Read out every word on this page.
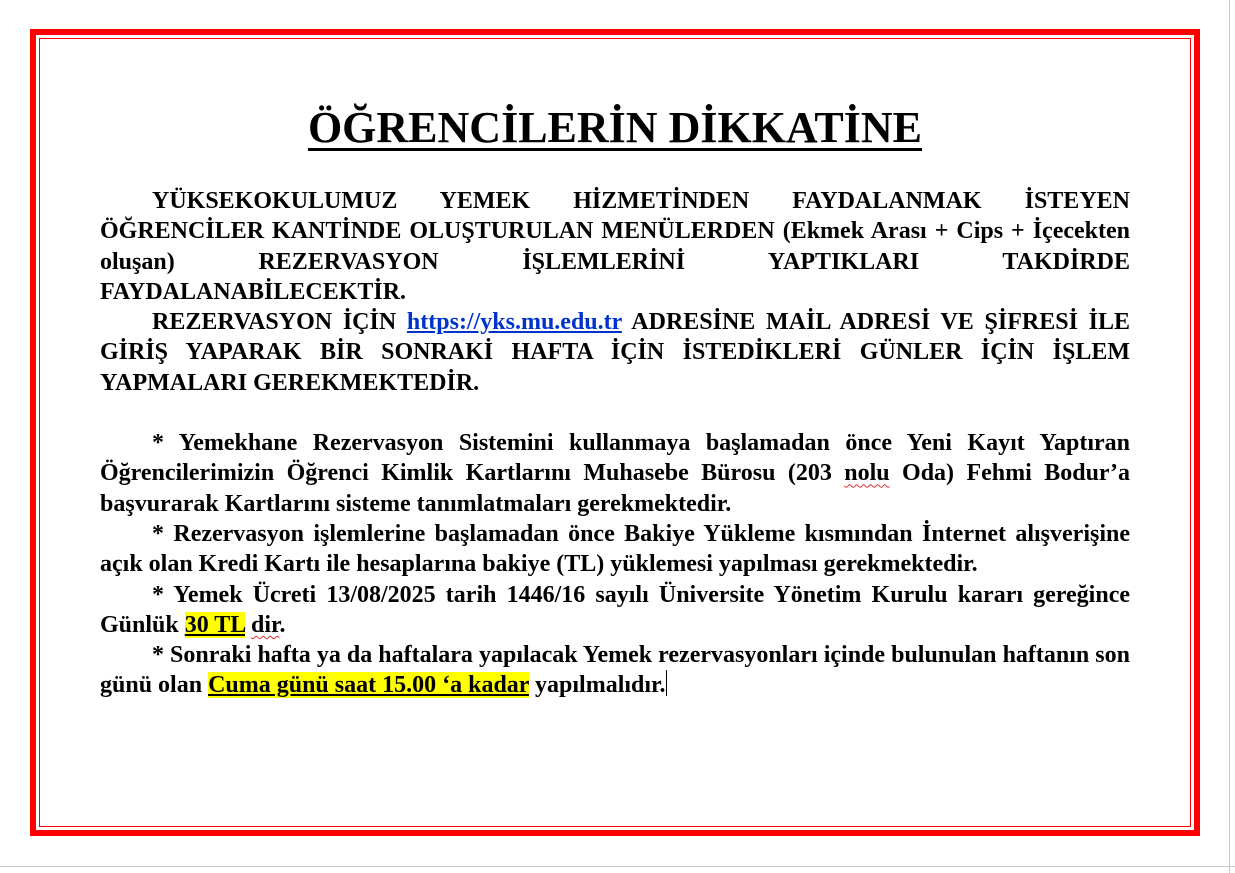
ÖĞRENCİLERİN DİKKATİNE

YÜKSEKOKULUMUZ YEMEK HİZMETİNDEN FAYDALANMAK İSTEYEN ÖĞRENCİLER KANTİNDE OLUŞTURULAN MENÜLERDEN (Ekmek Arası + Cips + İçecekten oluşan) REZERVASYON İŞLEMLERİNİ YAPTIKLARI TAKDİRDE FAYDALANABİLECEKTİR.

REZERVASYON İÇİN https://yks.mu.edu.tr ADRESİNE MAİL ADRESİ VE ŞİFRESİ İLE GİRİŞ YAPARAK BİR SONRAKİ HAFTA İÇİN İSTEDİKLERİ GÜNLER İÇİN İŞLEM YAPMALARI GEREKMEKTEDİR.

* Yemekhane Rezervasyon Sistemini kullanmaya başlamadan önce Yeni Kayıt Yaptıran Öğrencilerimizin Öğrenci Kimlik Kartlarını Muhasebe Bürosu (203 nolu Oda) Fehmi Bodur’a başvurarak Kartlarını sisteme tanımlatmaları gerekmektedir.

* Rezervasyon işlemlerine başlamadan önce Bakiye Yükleme kısmından İnternet alışverişine açık olan Kredi Kartı ile hesaplarına bakiye (TL) yüklemesi yapılması gerekmektedir.

* Yemek Ücreti 13/08/2025 tarih 1446/16 sayılı Üniversite Yönetim Kurulu kararı gereğince Günlük 30 TL dir.

* Sonraki hafta ya da haftalara yapılacak Yemek rezervasyonları içinde bulunulan haftanın son günü olan Cuma günü saat 15.00 ‘a kadar yapılmalıdır.
